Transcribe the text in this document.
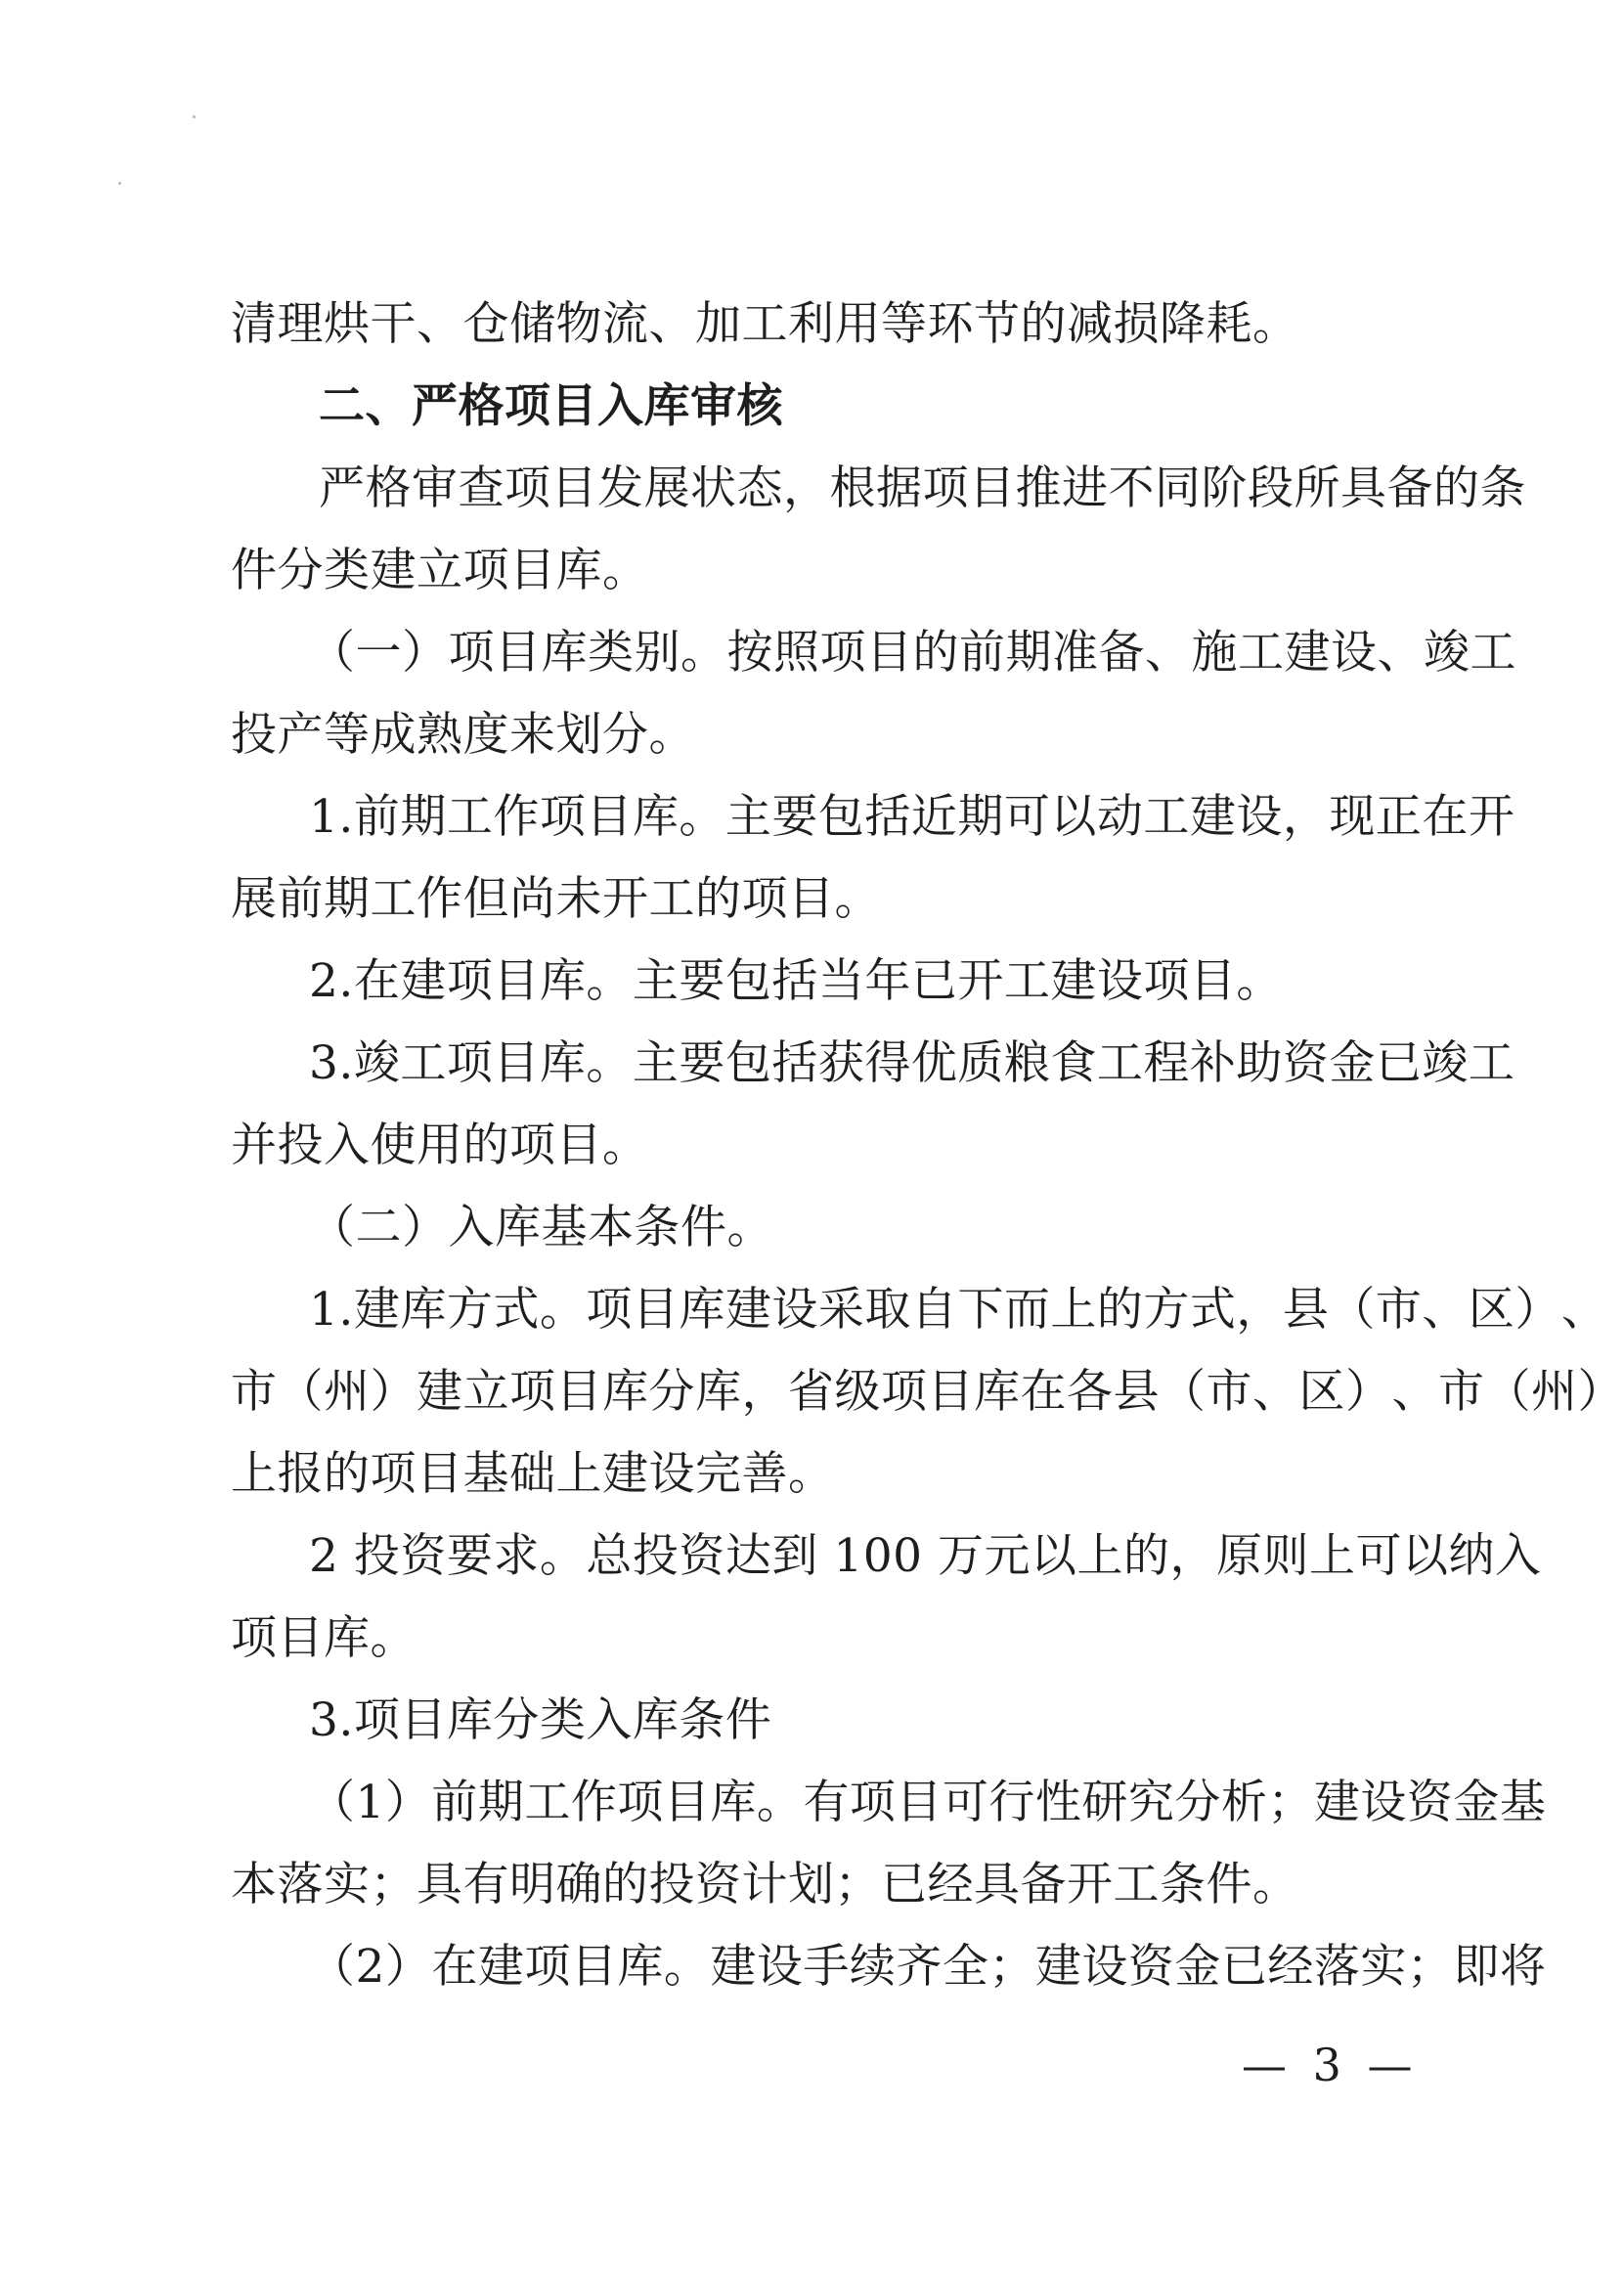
清理烘干、仓储物流、加工利用等环节的减损降耗。
二、严格项目入库审核
严 格 审 查 项 目 发 展 状 态 ， 根 据 项 目 推 进 不 同 阶 段 所 具 备 的 条
件分类建立项目库。
（ 一 ） 项 目 库 类 别 。 按 照 项 目 的 前 期 准 备 、 施 工 建 设 、 竣 工
投产等成熟度来划分。
1 . 前 期 工 作 项 目 库 。 主 要 包 括 近 期 可 以 动 工 建 设 ， 现 正 在 开
展前期工作但尚未开工的项目。
2.在建项目库。主要包括当年已开工建设项目。
3 . 竣 工 项 目 库 。 主 要 包 括 获 得 优 质 粮 食 工 程 补 助 资 金 已 竣 工
并投入使用的项目。
（二）入库基本条件。
1 . 建 库 方 式 。 项 目 库 建 设 采 取 自 下 而 上 的 方 式 ， 县 （ 市 、 区 ） 、
市 （ 州 ） 建 立 项 目 库 分 库 ， 省 级 项 目 库 在 各 县 （ 市 、 区 ） 、 市 （ 州 ）
上报的项目基础上建设完善。
2
投 资 要 求 。 总 投 资 达 到
1 0 0
万 元 以 上 的 ， 原 则 上 可 以 纳 入
项目库。
3.项目库分类入库条件
（ 1 ） 前 期 工 作 项 目 库 。 有 项 目 可 行 性 研 究 分 析 ； 建 设 资 金 基
本落实；具有明确的投资计划；已经具备开工条件。
（ 2 ） 在 建 项 目 库 。 建 设 手 续 齐 全 ； 建 设 资 金 已 经 落 实 ； 即 将
— 3 —
